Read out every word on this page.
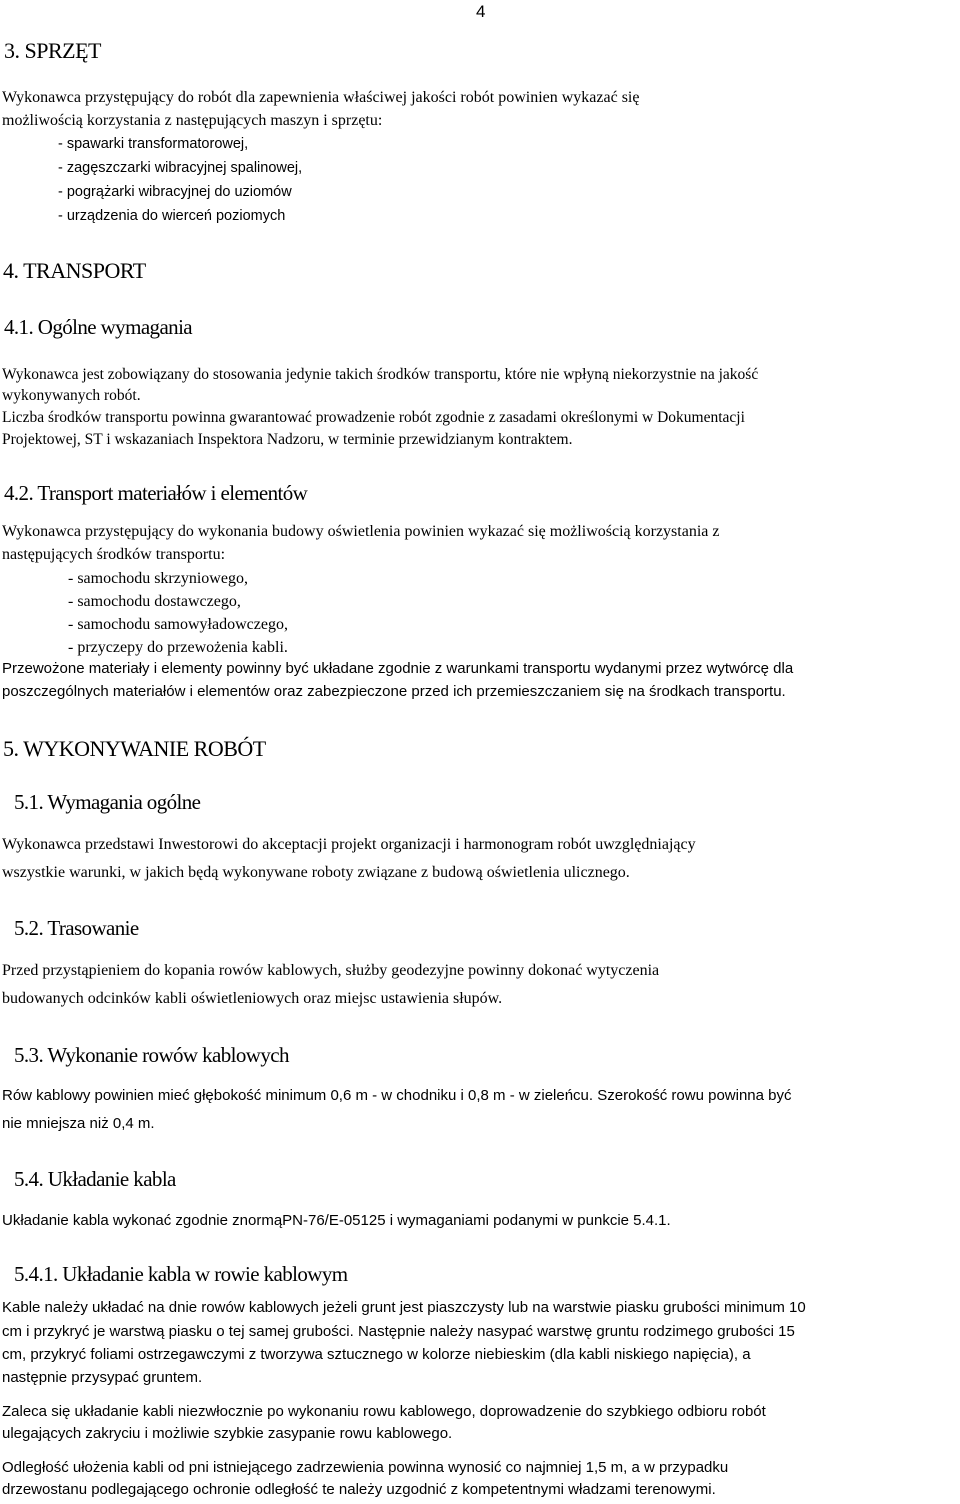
4
3. SPRZĘT
Wykonawca przystępujący do robót dla zapewnienia właściwej jakości robót powinien wykazać się
możliwością korzystania z następujących maszyn i sprzętu:
- spawarki transformatorowej,
- zagęszczarki wibracyjnej spalinowej,
- pogrążarki wibracyjnej do uziomów
- urządzenia do wierceń poziomych
4. TRANSPORT
4.1. Ogólne wymagania
Wykonawca jest zobowiązany do stosowania jedynie takich środków transportu, które nie wpłyną niekorzystnie na jakość
wykonywanych robót.
Liczba środków transportu powinna gwarantować prowadzenie robót zgodnie z zasadami określonymi w Dokumentacji
Projektowej, ST i wskazaniach Inspektora Nadzoru, w terminie przewidzianym kontraktem.
4.2. Transport materiałów i elementów
Wykonawca przystępujący do wykonania budowy oświetlenia powinien wykazać się możliwością korzystania z
następujących środków transportu:
- samochodu skrzyniowego,
- samochodu dostawczego,
- samochodu samowyładowczego,
- przyczepy do przewożenia kabli.
Przewożone materiały i elementy powinny być układane zgodnie z warunkami transportu wydanymi przez wytwórcę dla
poszczególnych materiałów i elementów oraz zabezpieczone przed ich przemieszczaniem się na środkach transportu.
5. WYKONYWANIE ROBÓT
5.1. Wymagania ogólne
Wykonawca przedstawi Inwestorowi do akceptacji projekt organizacji i harmonogram robót uwzględniający
wszystkie warunki, w jakich będą wykonywane roboty związane z budową oświetlenia ulicznego.
5.2. Trasowanie
Przed przystąpieniem do kopania rowów kablowych, służby geodezyjne powinny dokonać wytyczenia
budowanych odcinków kabli oświetleniowych oraz miejsc ustawienia słupów.
5.3. Wykonanie rowów kablowych
Rów kablowy powinien mieć głębokość minimum 0,6 m - w chodniku i 0,8 m - w zieleńcu. Szerokość rowu powinna być
nie mniejsza niż 0,4 m.
5.4. Układanie kabla
Układanie kabla wykonać zgodnie znormąPN-76/E-05125 i wymaganiami podanymi w punkcie 5.4.1.
5.4.1. Układanie kabla w rowie kablowym
Kable należy układać na dnie rowów kablowych jeżeli grunt jest piaszczysty lub na warstwie piasku grubości minimum 10
cm i przykryć je warstwą piasku o tej samej grubości. Następnie należy nasypać warstwę gruntu rodzimego grubości 15
cm, przykryć foliami ostrzegawczymi z tworzywa sztucznego w kolorze niebieskim (dla kabli niskiego napięcia), a
następnie przysypać gruntem.
Zaleca się układanie kabli niezwłocznie po wykonaniu rowu kablowego, doprowadzenie do szybkiego odbioru robót
ulegających zakryciu i możliwie szybkie zasypanie rowu kablowego.
Odległość ułożenia kabli od pni istniejącego zadrzewienia powinna wynosić co najmniej 1,5 m, a w przypadku
drzewostanu podlegającego ochronie odległość te należy uzgodnić z kompetentnymi władzami terenowymi.
